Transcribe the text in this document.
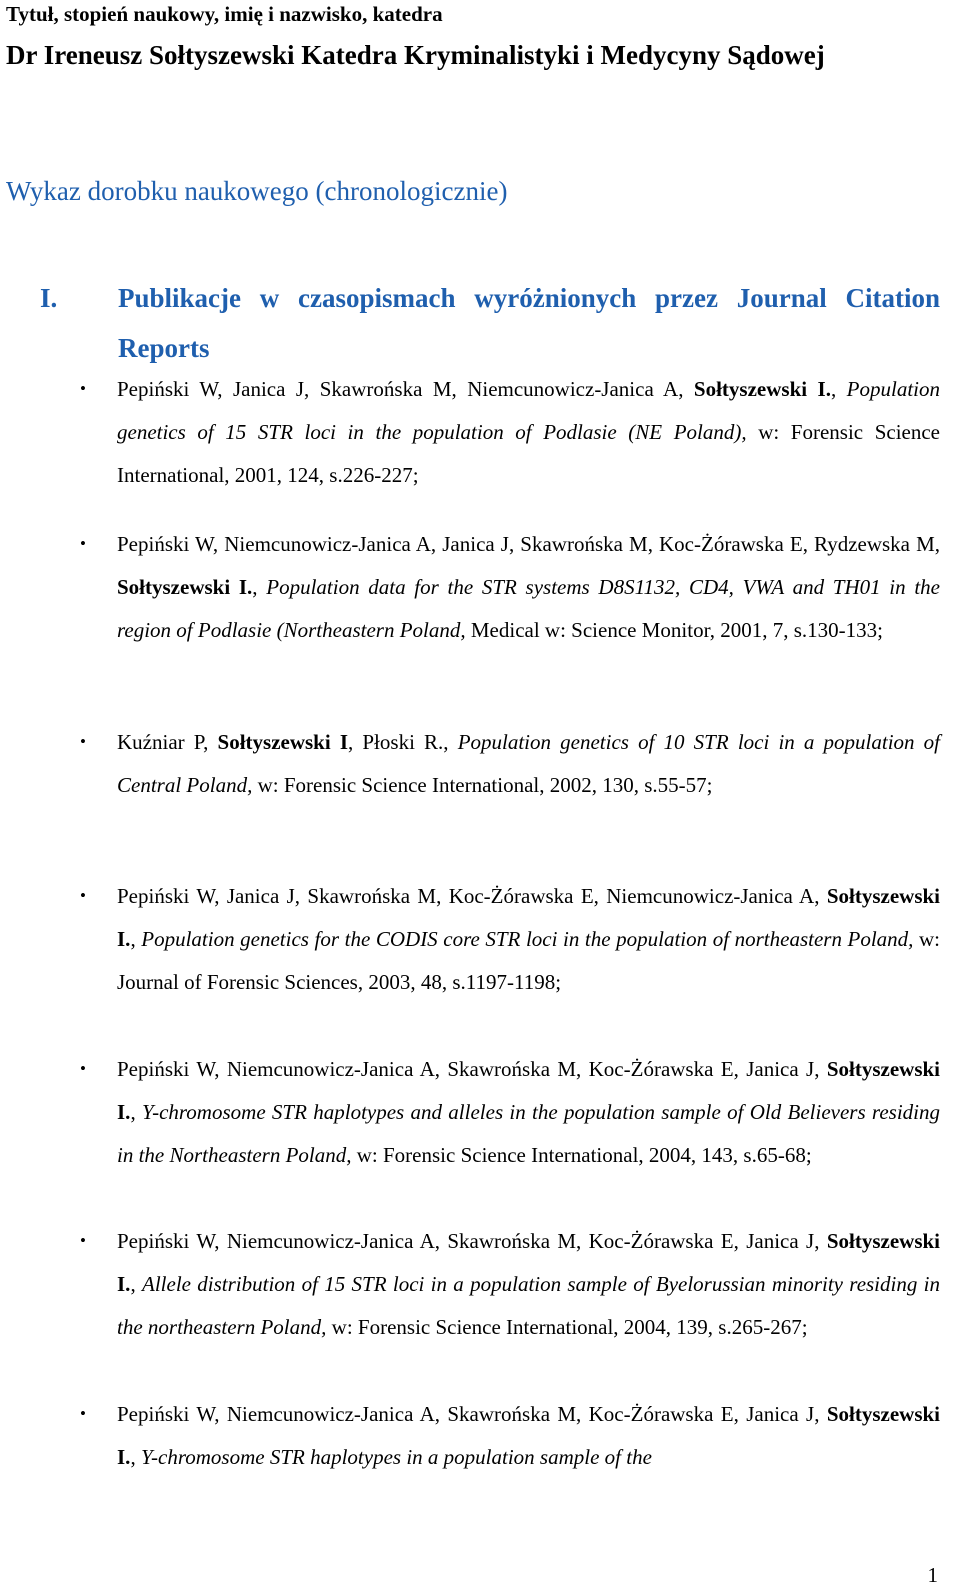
Tytuł, stopień naukowy, imię i nazwisko, katedra
Dr Ireneusz Sołtyszewski Katedra Kryminalistyki i Medycyny Sądowej
Wykaz dorobku naukowego (chronologicznie)
I. Publikacje w czasopismach wyróżnionych przez Journal Citation Reports
• Pepiński W, Janica J, Skawrońska M, Niemcunowicz-Janica A, Sołtyszewski I., Population genetics of 15 STR loci in the population of Podlasie (NE Poland), w: Forensic Science International, 2001, 124, s.226-227;
• Pepiński W, Niemcunowicz-Janica A, Janica J, Skawrońska M, Koc-Żórawska E, Rydzewska M, Sołtyszewski I., Population data for the STR systems D8S1132, CD4, VWA and TH01 in the region of Podlasie (Northeastern Poland, Medical w: Science Monitor, 2001, 7, s.130-133;
• Kuźniar P, Sołtyszewski I, Płoski R., Population genetics of 10 STR loci in a population of Central Poland, w: Forensic Science International, 2002, 130, s.55-57;
• Pepiński W, Janica J, Skawrońska M, Koc-Żórawska E, Niemcunowicz-Janica A, Sołtyszewski I., Population genetics for the CODIS core STR loci in the population of northeastern Poland, w: Journal of Forensic Sciences, 2003, 48, s.1197-1198;
• Pepiński W, Niemcunowicz-Janica A, Skawrońska M, Koc-Żórawska E, Janica J, Sołtyszewski I., Y-chromosome STR haplotypes and alleles in the population sample of Old Believers residing in the Northeastern Poland, w: Forensic Science International, 2004, 143, s.65-68;
• Pepiński W, Niemcunowicz-Janica A, Skawrońska M, Koc-Żórawska E, Janica J, Sołtyszewski I., Allele distribution of 15 STR loci in a population sample of Byelorussian minority residing in the northeastern Poland, w: Forensic Science International, 2004, 139, s.265-267;
• Pepiński W, Niemcunowicz-Janica A, Skawrońska M, Koc-Żórawska E, Janica J, Sołtyszewski I., Y-chromosome STR haplotypes in a population sample of the
1
